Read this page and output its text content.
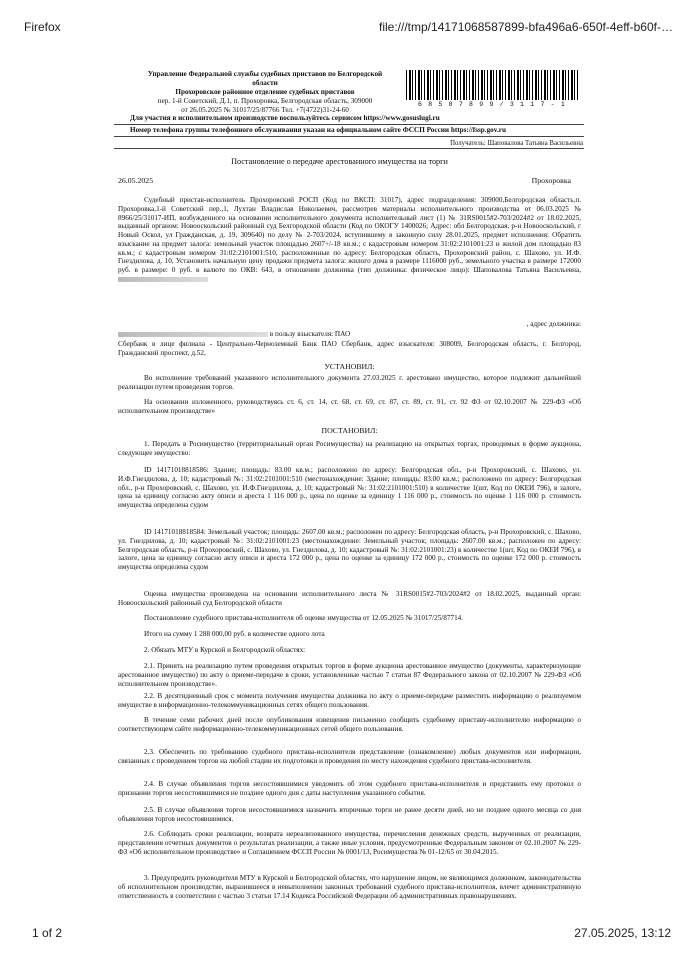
Firefox	file:///tmp/14171068587899-bfa496a6-650f-4eff-b60f-…
Управление Федеральной службы судебных приставов по Белгородской
области
Прохоровское районное отделение судебных приставов
пер. 1-й Советский, Д.1, п. Прохоровка, Белгородская область, 309000
от 26.05.2025 № 31017/25/87766 Тел. +7(4722)31-24-60
6 8 5 8 7 8 9 9 / 3 1 1 7 - 1
Для участия в исполнительном производстве воспользуйтесь сервисом https://www.gosuslugi.ru
Номер телефона группы телефонного обслуживания указан на официальном сайте ФССП России https://fssp.gov.ru
Получатель: Шаповалова Татьяна Васильевна
Постановление о передаче арестованного имущества на торги
26.05.2025	Прохоровка
Судебный пристав-исполнитель Прохоровский РОСП (Код по ВКСП: 31017), адрес подразделения: 309000,Белгородская область,п. Прохоровка,1-й Советский пер.,1, Лухтан Владислав Николаевич, рассмотрев материалы исполнительного производства от 06.03.2025 № 8966/25/31017-ИП, возбужденного на основании исполнительного документа исполнительный лист (1) № 31RS0015#2-703/2024#2 от 18.02.2025, выданный органом: Новооскольский районный суд Белгородской области (Код по ОКОГУ 1400026; Адрес: обл Белгородская, р-н Новооскольский, г Новый Оскол, ул Гражданская, д. 19, 309640) по делу № 2-703/2024, вступившему в законную силу 28.01.2025, предмет исполнения: Обратить взыскание на предмет залога: земельный участок площадью 2607+/-18 кв.м.; с кадастровым номером 31:02:2101001:23 и жилой дом площадью 83 кв.м.; с кадастровым номером 31:02:2101001:510, расположенные по адресу: Белгородская область, Прохоровский район, с. Шахово, ул. И.Ф. Гнездилова, д. 10, Установить начальную цену продажи предмета залога: жилого дома в размере 1116000 руб., земельного участка в размере 172000 руб. в размере: 0 руб. в валюте по ОКВ: 643, в отношении должника (тип должника: физическое лицо): Шаповалова Татьяна Васильевна,
, адрес должника:
в пользу взыскателя: ПАО
Сбербанк в лице филиала - Центрально-Черноземный Банк ПАО Сбербанк, адрес взыскателя: 308009, Белгородская область, г. Белгород, Гражданский проспект, д.52,
УСТАНОВИЛ:
Во исполнение требований указанного исполнительного документа 27.03.2025 г. арестовано имущество, которое подлежит дальнейшей реализации путем проведения торгов.
На основании изложенного, руководствуясь ст. 6, ст. 14, ст. 68, ст. 69, ст. 87, ст. 89, ст. 91, ст. 92 ФЗ от 02.10.2007 № 229-ФЗ «Об исполнительном производстве»
ПОСТАНОВИЛ:
1. Передать в Росимущество (территориальный орган Росимущества) на реализацию на открытых торгах, проводимых в форме аукциона, следующее имущество:
ID 14171018818586: Здание; площадь: 83.00 кв.м.; расположено по адресу: Белгородская обл., р-н Прохоровский, с. Шахово, ул. И.Ф.Гнездилова, д. 10; кадастровый №: 31:02:2101001:510 (местонахождение: Здание; площадь: 83.00 кв.м.; расположено по адресу: Белгородская обл., р-н Прохоровский, с. Шахово, ул. И.Ф.Гнездилова, д. 10; кадастровый №: 31:02:2101001:510) в количестве 1(шт, Код по ОКЕИ 796), в залоге, цена за единицу согласно акту описи и ареста 1 116 000 р., цена по оценке за единицу 1 116 000 р., стоимость по оценке 1 116 000 р. стоимость имущества определена судом
ID 14171018818584: Земельный участок; площадь: 2607.00 кв.м.; расположен по адресу: Белгородская область, р-н Прохоровский, с. Шахово, ул. Гнездилова, д. 10; кадастровый №: 31:02:2101001:23 (местонахождение: Земельный участок; площадь: 2607.00 кв.м.; расположен по адресу: Белгородская область, р-н Прохоровский, с. Шахово, ул. Гнездилова, д. 10; кадастровый №: 31:02:2101001:23) в количестве 1(шт, Код по ОКЕИ 796), в залоге, цена за единицу согласно акту описи и ареста 172 000 р., цена по оценке за единицу 172 000 р., стоимость по оценке 172 000 р. стоимость имущества определена судом
Оценка имущества произведена на основании исполнительного листа № 31RS0015#2-703/2024#2 от 18.02.2025, выданный орган: Новооскольский районный суд Белгородской области
Постановление судебного пристава-исполнителя об оценке имущества от 12.05.2025 № 31017/25/87714.
Итого на сумму 1 288 000,00 руб. в количестве одного лота
2. Обязать МТУ в Курской и Белгородской областях:
2.1. Принять на реализацию путем проведения открытых торгов в форме аукциона арестованное имущество (документы, характеризующие арестованное имущество) по акту о приеме-передаче в сроки, установленные частью 7 статьи 87 Федерального закона от 02.10.2007 № 229-ФЗ «Об исполнительном производстве».
2.2. В десятидневный срок с момента получения имущества должника по акту о приеме-передаче разместить информацию о реализуемом имуществе в информационно-телекоммуникационных сетях общего пользования.
В течение семи рабочих дней после опубликования извещения письменно сообщить судебному приставу-исполнителю информацию о соответствующем сайте информационно-телекоммуникационных сетей общего пользования.
2.3. Обеспечить по требованию судебного пристава-исполнителя представление (ознакомление) любых документов или информации, связанных с проведением торгов на любой стадии их подготовки и проведения по месту нахождения судебного пристава-исполнителя.
2.4. В случае объявления торгов несостоявшимися уведомить об этом судебного пристава-исполнителя и представить ему протокол о признании торгов несостоявшимися не позднее одного дня с даты наступления указанного события.
2.5. В случае объявления торгов несостоявшимися назначить вторичные торги не ранее десяти дней, но не позднее одного месяца со дня объявления торгов несостоявшимися.
2.6. Соблюдать сроки реализации, возврата нереализованного имущества, перечисления денежных средств, вырученных от реализации, представления отчетных документов о результатах реализации, а также иные условия, предусмотренные Федеральным законом от 02.10.2007 № 229-ФЗ «Об исполнительном производстве» и Соглашением ФССП России № 0001/13, Росимущества № 01-12/65 от 30.04.2015.
3. Предупредить руководителя МТУ в Курской и Белгородской областях, что нарушение лицом, не являющимся должником, законодательства об исполнительном производстве, выразившееся в невыполнении законных требований судебного пристава-исполнителя, влечет административную ответственность в соответствии с частью 3 статьи 17.14 Кодекса Российской Федерации об административных правонарушениях.
1 of 2	27.05.2025, 13:12
